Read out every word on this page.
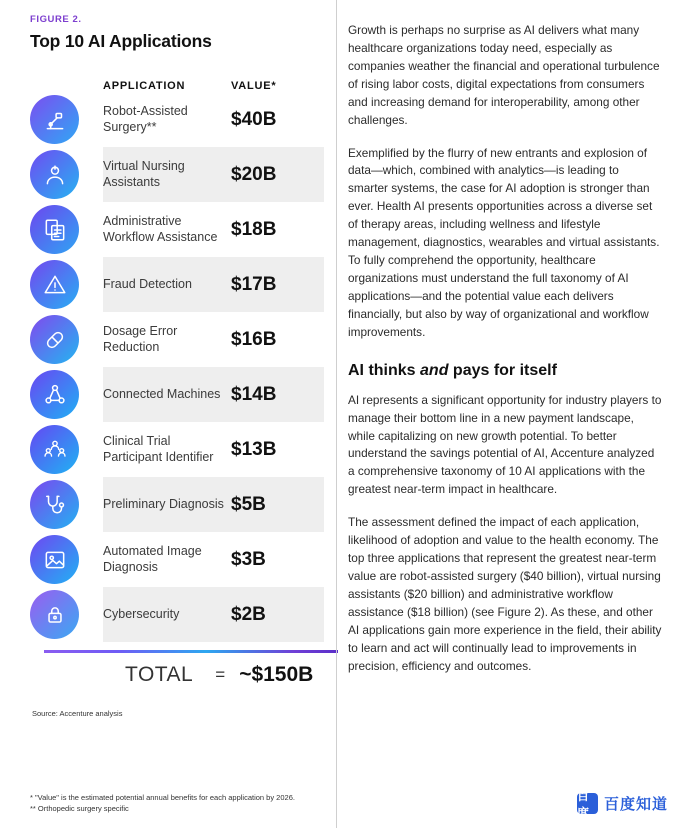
FIGURE 2.
Top 10 AI Applications
APPLICATION	VALUE*
Robot-Assisted Surgery**	$40B
Virtual Nursing Assistants	$20B
Administrative Workflow Assistance $18B
Fraud Detection	$17B
Dosage Error Reduction	$16B
Connected Machines $14B
Clinical Trial Participant Identifier $13B
Preliminary Diagnosis $5B
Automated Image Diagnosis	$3B
Cybersecurity	$2B
TOTAL = ~$150B
Source: Accenture analysis
* "Value" is the estimated potential annual benefits for each application by 2026.
** Orthopedic surgery specific

Growth is perhaps no surprise as AI delivers what many healthcare organizations today need, especially as companies weather the financial and operational turbulence of rising labor costs, digital expectations from consumers and increasing demand for interoperability, among other challenges.

Exemplified by the flurry of new entrants and explosion of data—which, combined with analytics—is leading to smarter systems, the case for AI adoption is stronger than ever. Health AI presents opportunities across a diverse set of therapy areas, including wellness and lifestyle management, diagnostics, wearables and virtual assistants. To fully comprehend the opportunity, healthcare organizations must understand the full taxonomy of AI applications—and the potential value each delivers financially, but also by way of organizational and workflow improvements.

AI thinks and pays for itself

AI represents a significant opportunity for industry players to manage their bottom line in a new payment landscape, while capitalizing on new growth potential. To better understand the savings potential of AI, Accenture analyzed a comprehensive taxonomy of 10 AI applications with the greatest near-term impact in healthcare.

The assessment defined the impact of each application, likelihood of adoption and value to the health economy. The top three applications that represent the greatest near-term value are robot-assisted surgery ($40 billion), virtual nursing assistants ($20 billion) and administrative workflow assistance ($18 billion) (see Figure 2). As these, and other AI applications gain more experience in the field, their ability to learn and act will continually lead to improvements in precision, efficiency and outcomes.

百度 百度知道
